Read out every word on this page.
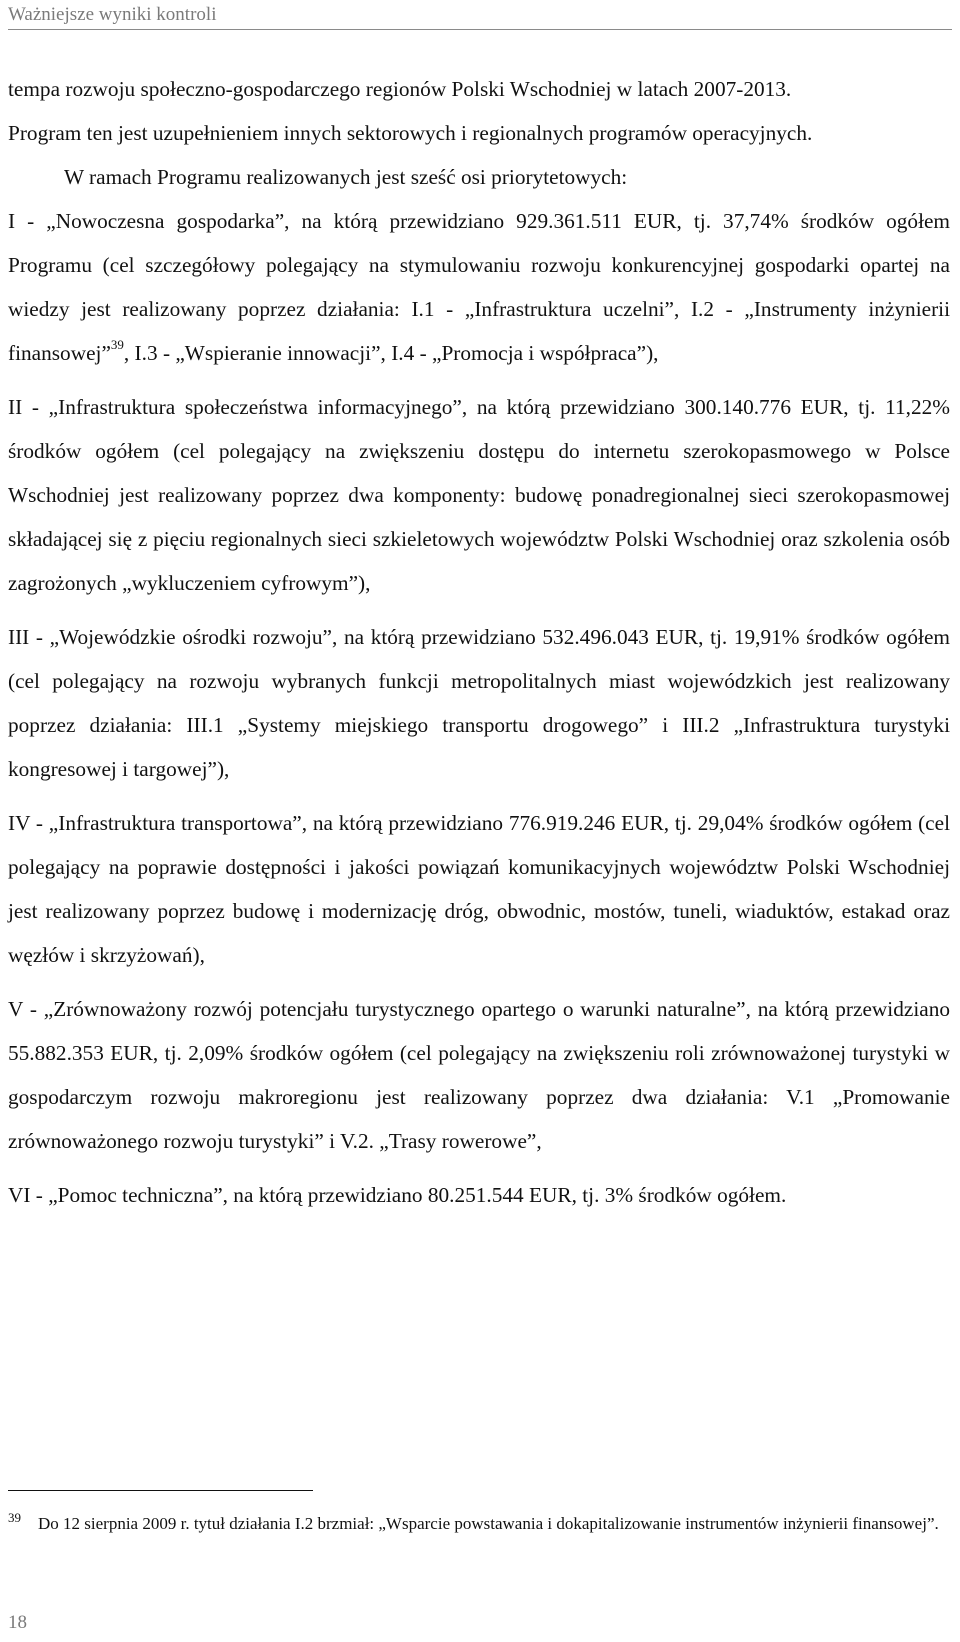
Ważniejsze wyniki kontroli

tempa rozwoju społeczno-gospodarczego regionów Polski Wschodniej w latach 2007-2013.
Program ten jest uzupełnieniem innych sektorowych i regionalnych programów operacyjnych.

W ramach Programu realizowanych jest sześć osi priorytetowych:

I - „Nowoczesna gospodarka”, na którą przewidziano 929.361.511 EUR, tj. 37,74% środków ogółem Programu (cel szczegółowy polegający na stymulowaniu rozwoju konkurencyjnej gospodarki opartej na wiedzy jest realizowany poprzez działania: I.1 - „Infrastruktura uczelni”, I.2 - „Instrumenty inżynierii finansowej”$^{39}$, I.3 - „Wspieranie innowacji”, I.4 - „Promocja i współpraca”),

II - „Infrastruktura społeczeństwa informacyjnego”, na którą przewidziano 300.140.776 EUR, tj. 11,22% środków ogółem (cel polegający na zwiększeniu dostępu do internetu szerokopasmowego w Polsce Wschodniej jest realizowany poprzez dwa komponenty: budowę ponadregionalnej sieci szerokopasmowej składającej się z pięciu regionalnych sieci szkieletowych województw Polski Wschodniej oraz szkolenia osób zagrożonych „wykluczeniem cyfrowym”),

III - „Wojewódzkie ośrodki rozwoju”, na którą przewidziano 532.496.043 EUR, tj. 19,91% środków ogółem (cel polegający na rozwoju wybranych funkcji metropolitalnych miast wojewódzkich jest realizowany poprzez działania: III.1 „Systemy miejskiego transportu drogowego” i III.2 „Infrastruktura turystyki kongresowej i targowej”),

IV - „Infrastruktura transportowa”, na którą przewidziano 776.919.246 EUR, tj. 29,04% środków ogółem (cel polegający na poprawie dostępności i jakości powiązań komunikacyjnych województw Polski Wschodniej jest realizowany poprzez budowę i modernizację dróg, obwodnic, mostów, tuneli, wiaduktów, estakad oraz węzłów i skrzyżowań),

V - „Zrównoważony rozwój potencjału turystycznego opartego o warunki naturalne”, na którą przewidziano 55.882.353 EUR, tj. 2,09% środków ogółem (cel polegający na zwiększeniu roli zrównoważonej turystyki w gospodarczym rozwoju makroregionu jest realizowany poprzez dwa działania: V.1 „Promowanie zrównoważonego rozwoju turystyki” i V.2. „Trasy rowerowe”,

VI - „Pomoc techniczna”, na którą przewidziano 80.251.544 EUR, tj. 3% środków ogółem.

39 Do 12 sierpnia 2009 r. tytuł działania I.2 brzmiał: „Wsparcie powstawania i dokapitalizowanie instrumentów inżynierii finansowej”.
18
